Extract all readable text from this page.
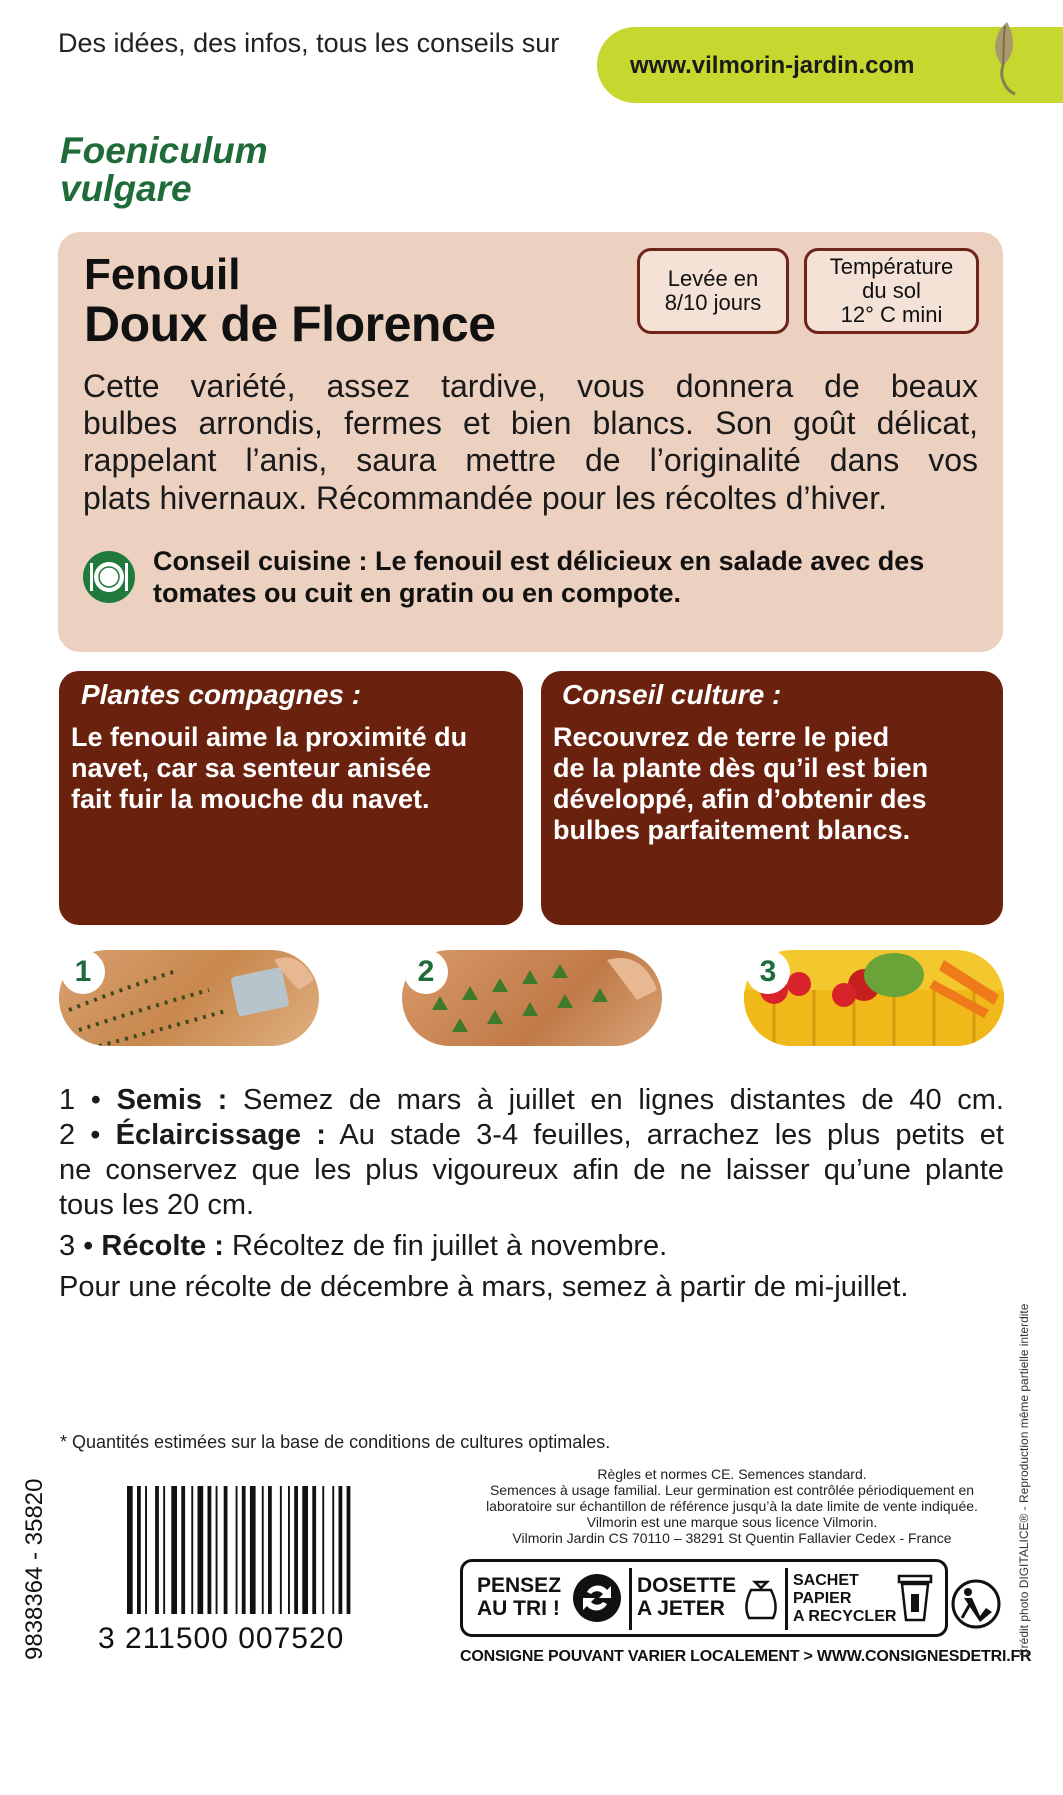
Des idées, des infos, tous les conseils sur
www.vilmorin-jardin.com
Foeniculum
vulgare
Fenouil
Doux de Florence
Levée en
8/10 jours
Température
du sol
12° C mini
Cette variété, assez tardive, vous donnera de beaux
bulbes arrondis, fermes et bien blancs. Son goût délicat,
rappelant l’anis, saura mettre de l’originalité dans vos
plats hivernaux. Récommandée pour les récoltes d’hiver.
Conseil cuisine : Le fenouil est délicieux en salade avec des tomates ou cuit en gratin ou en compote.
Plantes compagnes :
Le fenouil aime la proximité du
navet, car sa senteur anisée
fait fuir la mouche du navet.
Conseil culture :
Recouvrez de terre le pied
de la plante dès qu’il est bien
développé, afin d’obtenir des
bulbes parfaitement blancs.
1	2	3

1 • Semis : Semez de mars à juillet en lignes distantes de 40 cm.

2 • Éclaircissage : Au stade 3-4 feuilles, arrachez les plus petits et

ne conservez que les plus vigoureux afin de ne laisser qu’une plante

tous les 20 cm.

3 • Récolte : Récoltez de fin juillet à novembre.

Pour une récolte de décembre à mars, semez à partir de mi-juillet.

* Quantités estimées sur la base de conditions de cultures optimales.
9838364 - 35820 3 211500 007520
Règles et normes CE. Semences standard.
Semences à usage familial. Leur germination est contrôlée périodiquement en
laboratoire sur échantillon de référence jusqu’à la date limite de vente indiquée.
Vilmorin est une marque sous licence Vilmorin.
Vilmorin Jardin CS 70110 – 38291 St Quentin Fallavier Cedex - France
PENSEZ
AU TRI !
DOSETTE
A JETER
SACHET
PAPIER
A RECYCLER
CONSIGNE POUVANT VARIER LOCALEMENT > WWW.CONSIGNESDETRI.FR
Crédit photo DIGITALICE® - Reproduction même partielle interdite
